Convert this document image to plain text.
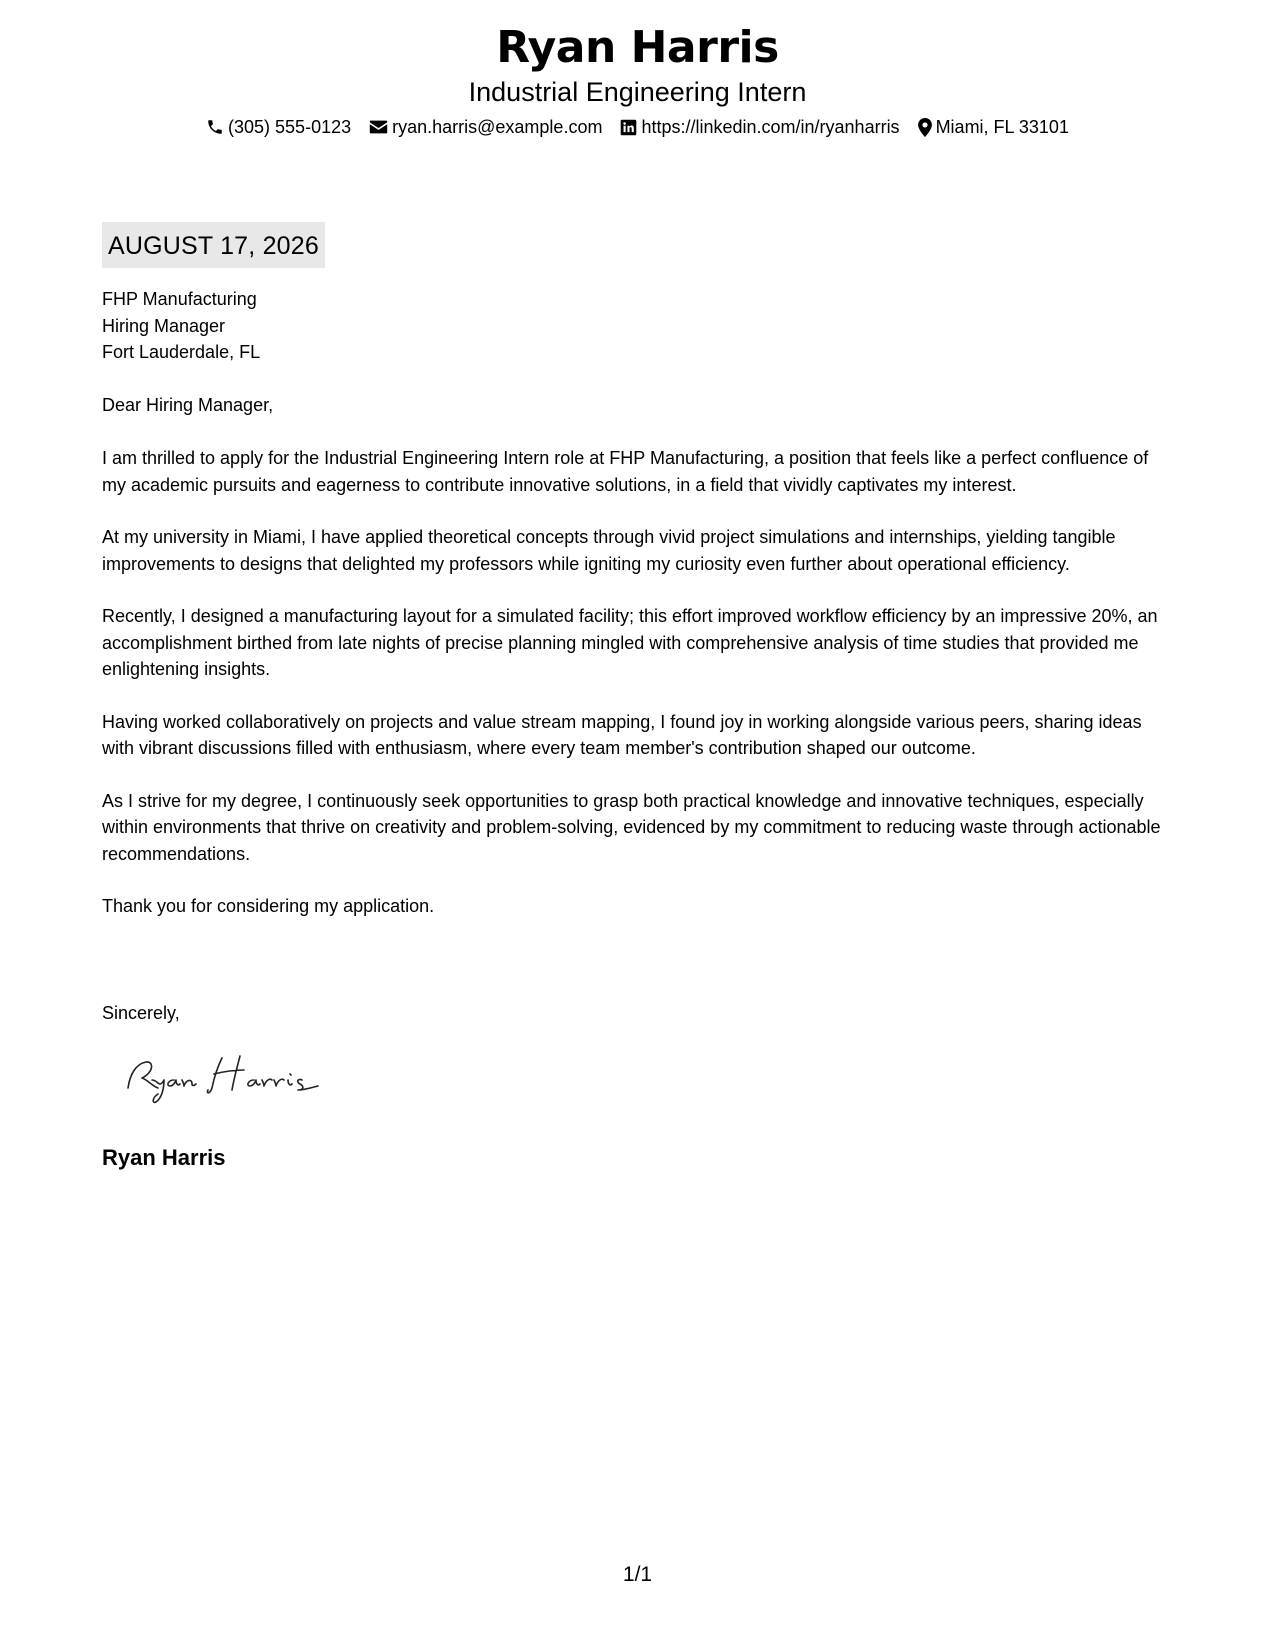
Ryan Harris
Industrial Engineering Intern
(305) 555-0123 ryan.harris@example.com https://linkedin.com/in/ryanharris Miami, FL 33101
AUGUST 17, 2026
FHP Manufacturing
Hiring Manager
Fort Lauderdale, FL
Dear Hiring Manager,

I am thrilled to apply for the Industrial Engineering Intern role at FHP Manufacturing, a position that feels like a perfect confluence of my academic pursuits and eagerness to contribute innovative solutions, in a field that vividly captivates my interest.

At my university in Miami, I have applied theoretical concepts through vivid project simulations and internships, yielding tangible improvements to designs that delighted my professors while igniting my curiosity even further about operational efficiency.

Recently, I designed a manufacturing layout for a simulated facility; this effort improved workflow efficiency by an impressive 20%, an accomplishment birthed from late nights of precise planning mingled with comprehensive analysis of time studies that provided me enlightening insights.

Having worked collaboratively on projects and value stream mapping, I found joy in working alongside various peers, sharing ideas with vibrant discussions filled with enthusiasm, where every team member's contribution shaped our outcome.

As I strive for my degree, I continuously seek opportunities to grasp both practical knowledge and innovative techniques, especially within environments that thrive on creativity and problem-solving, evidenced by my commitment to reducing waste through actionable recommendations.

Thank you for considering my application.

Sincerely,
Ryan Harris
1/1
